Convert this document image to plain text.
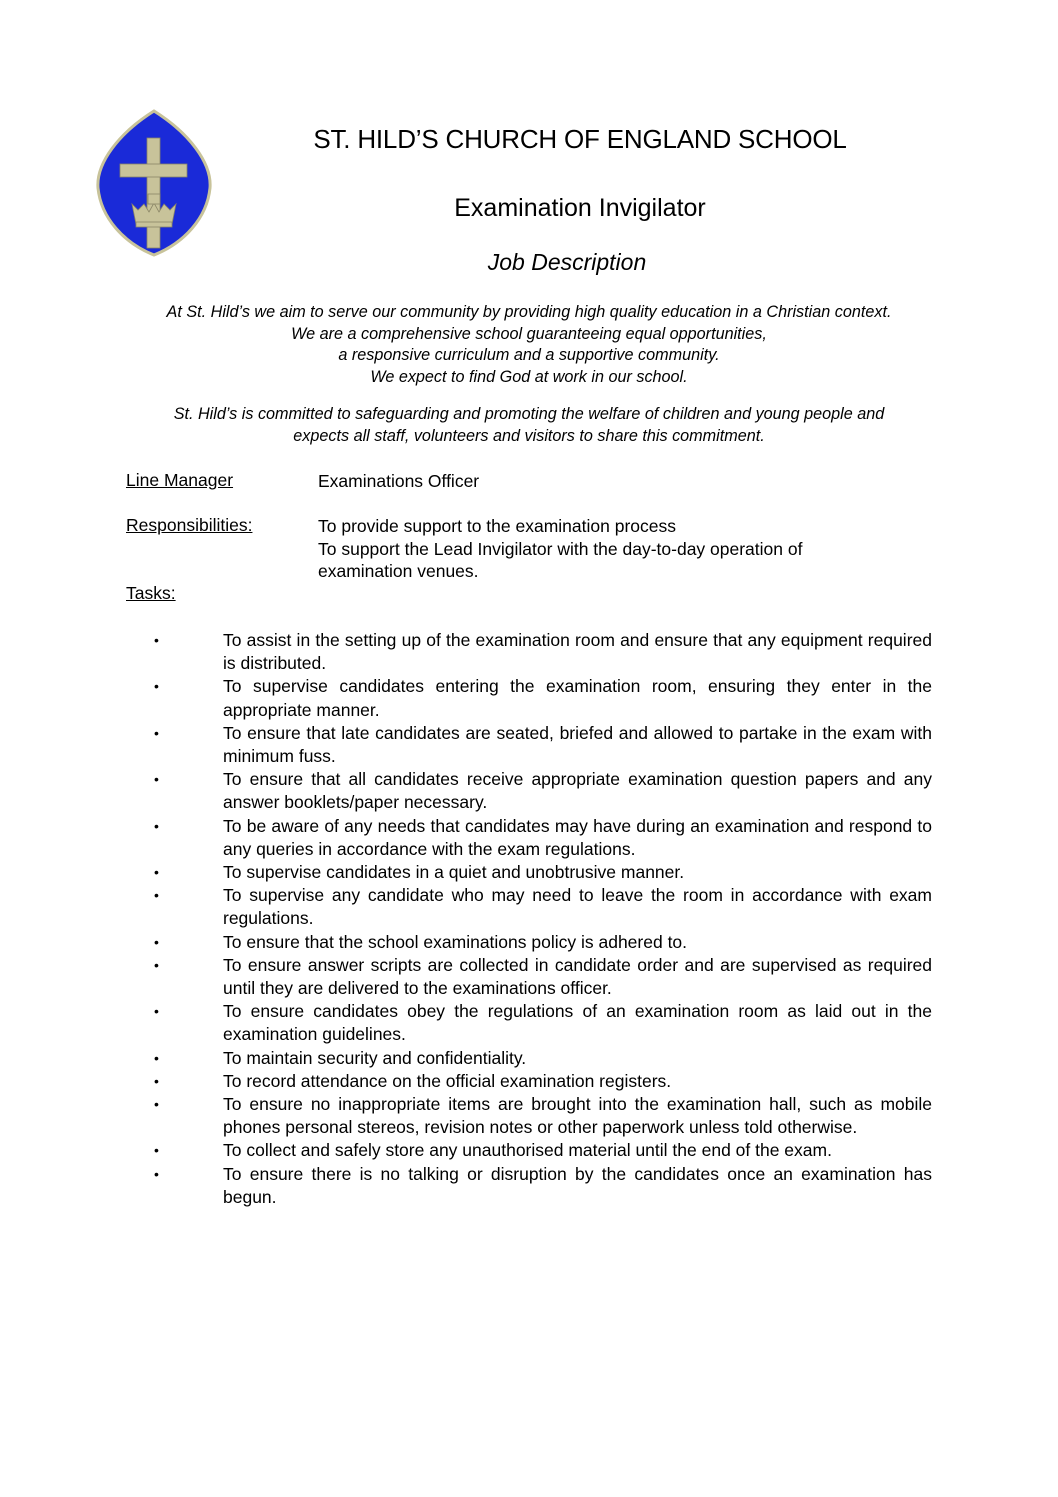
ST. HILD’S CHURCH OF ENGLAND SCHOOL
Examination Invigilator
Job Description
At St. Hild’s we aim to serve our community by providing high quality education in a Christian context.
We are a comprehensive school guaranteeing equal opportunities,
a responsive curriculum and a supportive community.
We expect to find God at work in our school.
St. Hild’s is committed to safeguarding and promoting the welfare of children and young people and
expects all staff, volunteers and visitors to share this commitment.
Line Manager	Examinations Officer
Responsibilities:	To provide support to the examination process
To support the Lead Invigilator with the day-to-day operation of
examination venues.
Tasks:
•	To assist in the setting up of the examination room and ensure that any equipment required is distributed.
•	To supervise candidates entering the examination room, ensuring they enter in the appropriate manner.
•	To ensure that late candidates are seated, briefed and allowed to partake in the exam with minimum fuss.
•	To ensure that all candidates receive appropriate examination question papers and any answer booklets/paper necessary.
•	To be aware of any needs that candidates may have during an examination and respond to any queries in accordance with the exam regulations.
•	To supervise candidates in a quiet and unobtrusive manner.
•	To supervise any candidate who may need to leave the room in accordance with exam regulations.
•	To ensure that the school examinations policy is adhered to.
•	To ensure answer scripts are collected in candidate order and are supervised as required until they are delivered to the examinations officer.
•	To ensure candidates obey the regulations of an examination room as laid out in the examination guidelines.
•	To maintain security and confidentiality.
•	To record attendance on the official examination registers.
•	To ensure no inappropriate items are brought into the examination hall, such as mobile phones personal stereos, revision notes or other paperwork unless told otherwise.
•	To collect and safely store any unauthorised material until the end of the exam.
•	To ensure there is no talking or disruption by the candidates once an examination has begun.
